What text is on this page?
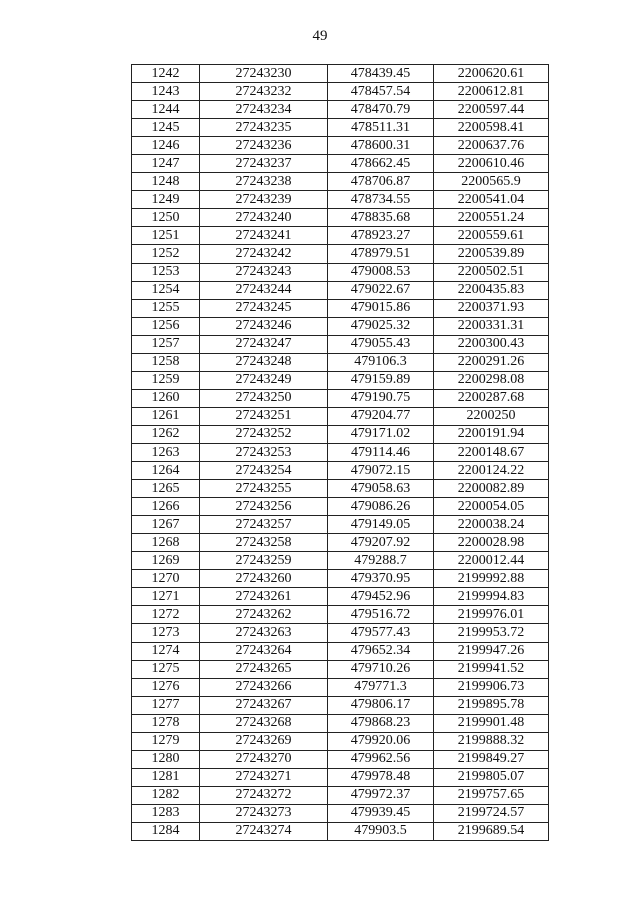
49
1242	27243230	478439.45	2200620.61
1243	27243232	478457.54	2200612.81
1244	27243234	478470.79	2200597.44
1245	27243235	478511.31	2200598.41
1246	27243236	478600.31	2200637.76
1247	27243237	478662.45	2200610.46
1248	27243238	478706.87	2200565.9
1249	27243239	478734.55	2200541.04
1250	27243240	478835.68	2200551.24
1251	27243241	478923.27	2200559.61
1252	27243242	478979.51	2200539.89
1253	27243243	479008.53	2200502.51
1254	27243244	479022.67	2200435.83
1255	27243245	479015.86	2200371.93
1256	27243246	479025.32	2200331.31
1257	27243247	479055.43	2200300.43
1258	27243248	479106.3	2200291.26
1259	27243249	479159.89	2200298.08
1260	27243250	479190.75	2200287.68
1261	27243251	479204.77	2200250
1262	27243252	479171.02	2200191.94
1263	27243253	479114.46	2200148.67
1264	27243254	479072.15	2200124.22
1265	27243255	479058.63	2200082.89
1266	27243256	479086.26	2200054.05
1267	27243257	479149.05	2200038.24
1268	27243258	479207.92	2200028.98
1269	27243259	479288.7	2200012.44
1270	27243260	479370.95	2199992.88
1271	27243261	479452.96	2199994.83
1272	27243262	479516.72	2199976.01
1273	27243263	479577.43	2199953.72
1274	27243264	479652.34	2199947.26
1275	27243265	479710.26	2199941.52
1276	27243266	479771.3	2199906.73
1277	27243267	479806.17	2199895.78
1278	27243268	479868.23	2199901.48
1279	27243269	479920.06	2199888.32
1280	27243270	479962.56	2199849.27
1281	27243271	479978.48	2199805.07
1282	27243272	479972.37	2199757.65
1283	27243273	479939.45	2199724.57
1284	27243274	479903.5	2199689.54
